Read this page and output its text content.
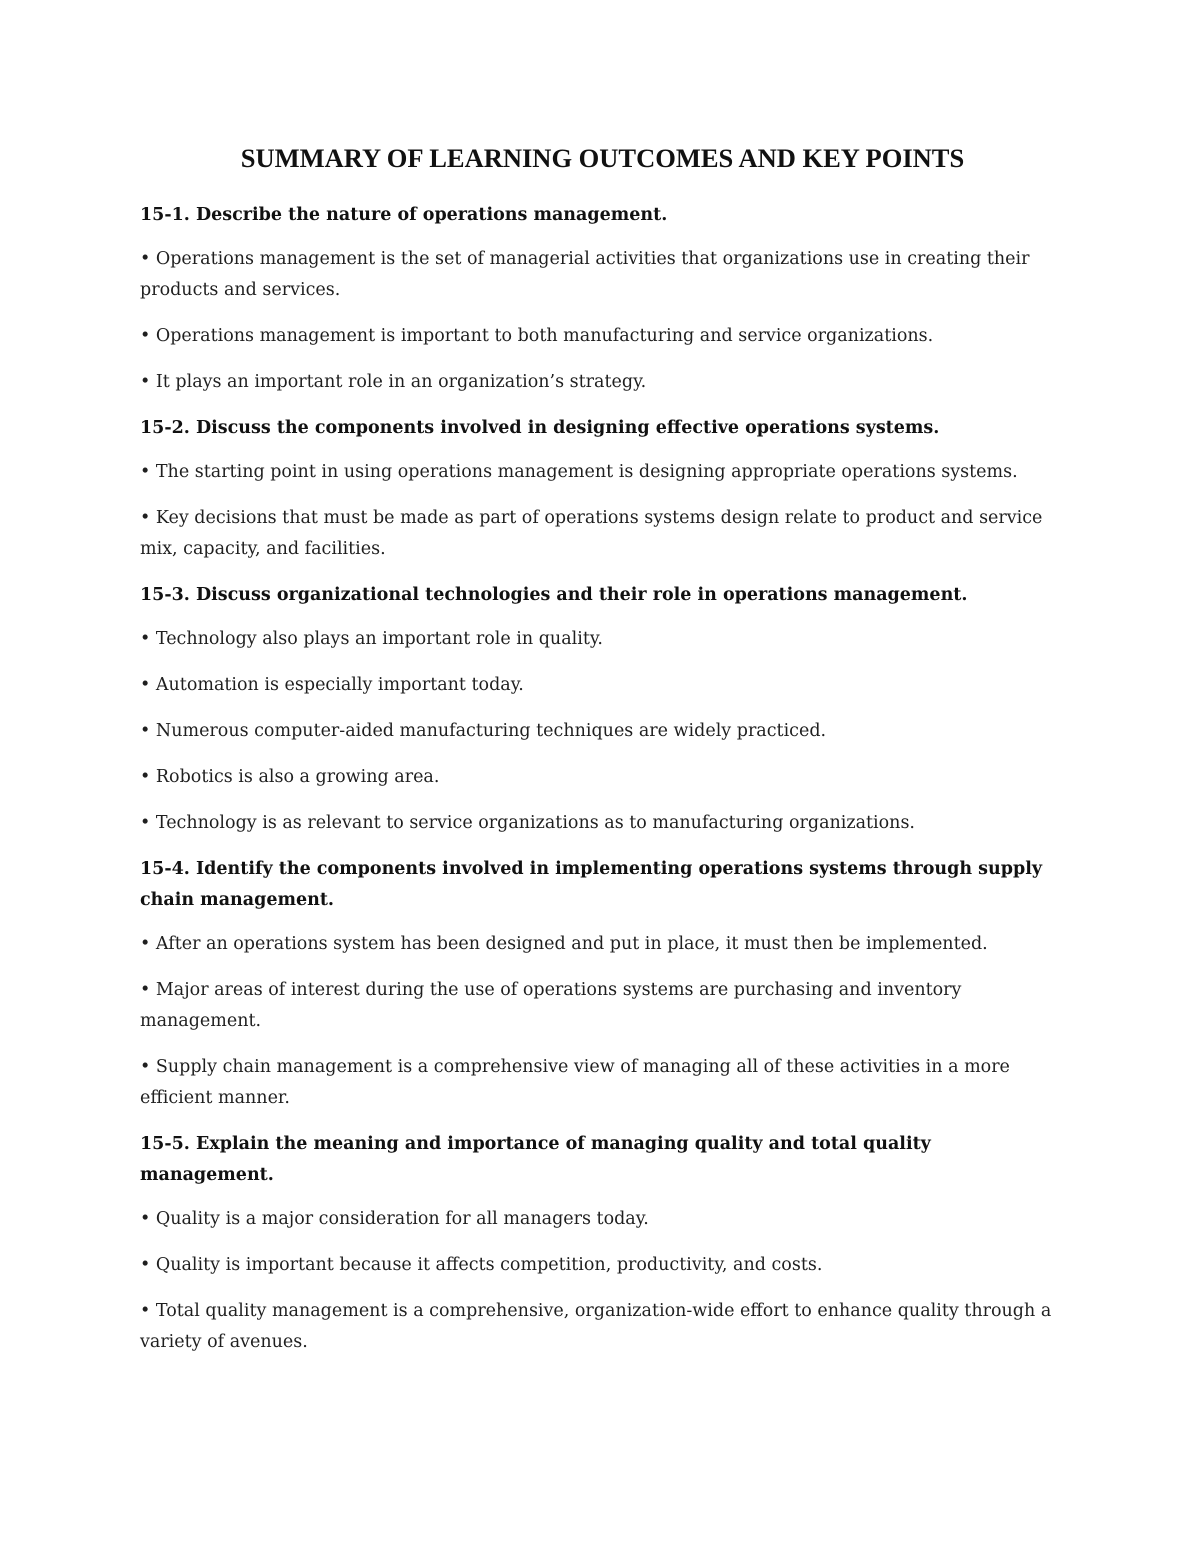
SUMMARY OF LEARNING OUTCOMES AND KEY POINTS

15-1. Describe the nature of operations management.

• Operations management is the set of managerial activities that organizations use in creating their products and services.

• Operations management is important to both manufacturing and service organizations.

• It plays an important role in an organization’s strategy.

15-2. Discuss the components involved in designing effective operations systems.

• The starting point in using operations management is designing appropriate operations systems.

• Key decisions that must be made as part of operations systems design relate to product and service mix, capacity, and facilities.

15-3. Discuss organizational technologies and their role in operations management.

• Technology also plays an important role in quality.

• Automation is especially important today.

• Numerous computer-aided manufacturing techniques are widely practiced.

• Robotics is also a growing area.

• Technology is as relevant to service organizations as to manufacturing organizations.

15-4. Identify the components involved in implementing operations systems through supply chain management.

• After an operations system has been designed and put in place, it must then be implemented.

• Major areas of interest during the use of operations systems are purchasing and inventory management.

• Supply chain management is a comprehensive view of managing all of these activities in a more efficient manner.

15-5. Explain the meaning and importance of managing quality and total quality management.

• Quality is a major consideration for all managers today.

• Quality is important because it affects competition, productivity, and costs.

• Total quality management is a comprehensive, organization-wide effort to enhance quality through a variety of avenues.
